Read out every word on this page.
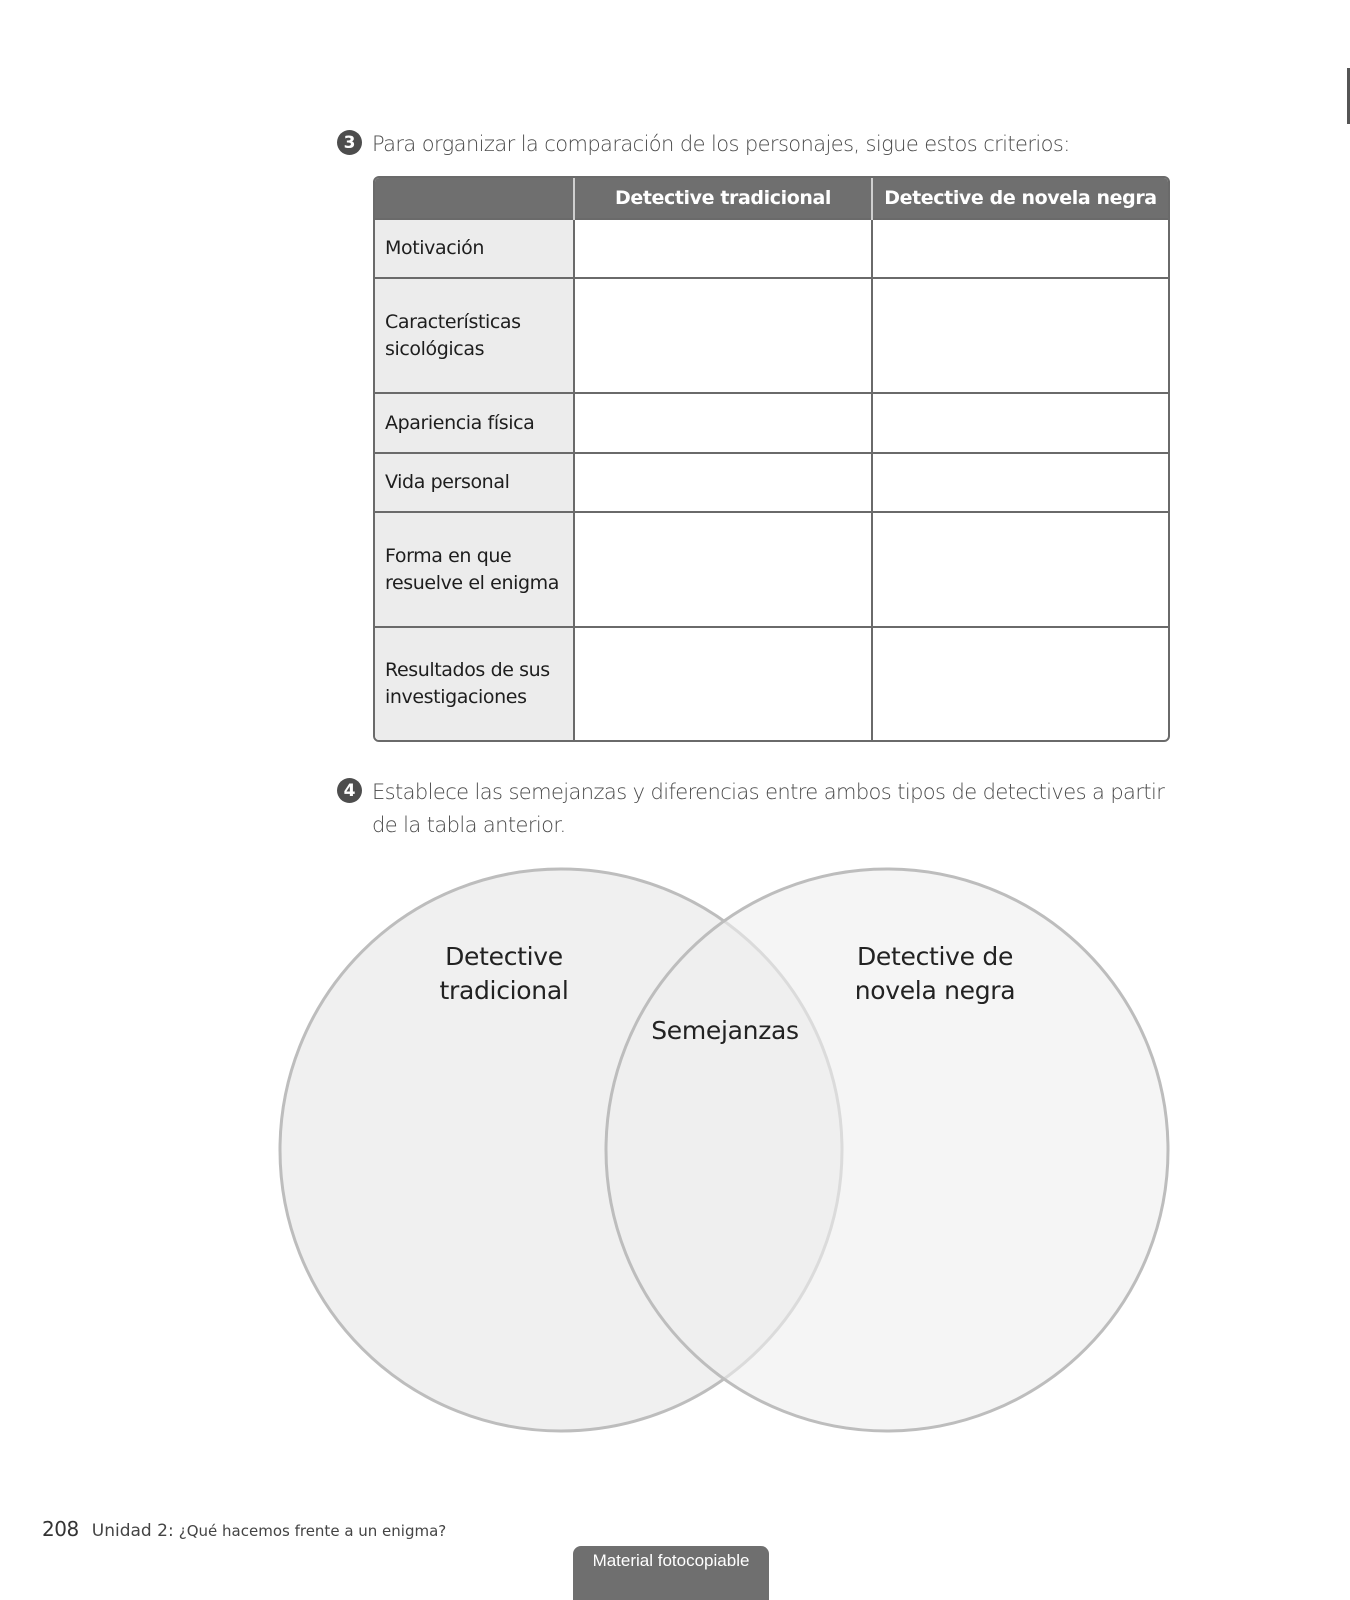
3 Para organizar la comparación de los personajes, sigue estos criterios:
	Detective tradicional	Detective de novela negra

Motivación		

Características sicológicas		

Apariencia física		

Vida personal		

Forma en que resuelve el enigma		

Resultados de sus investigaciones		

4 Establece las semejanzas y diferencias entre ambos tipos de detectives a partir de la tabla anterior.
Detective
tradicional
Detective de
novela negra
Semejanzas
208 Unidad 2: ¿Qué hacemos frente a un enigma?
Material fotocopiable
